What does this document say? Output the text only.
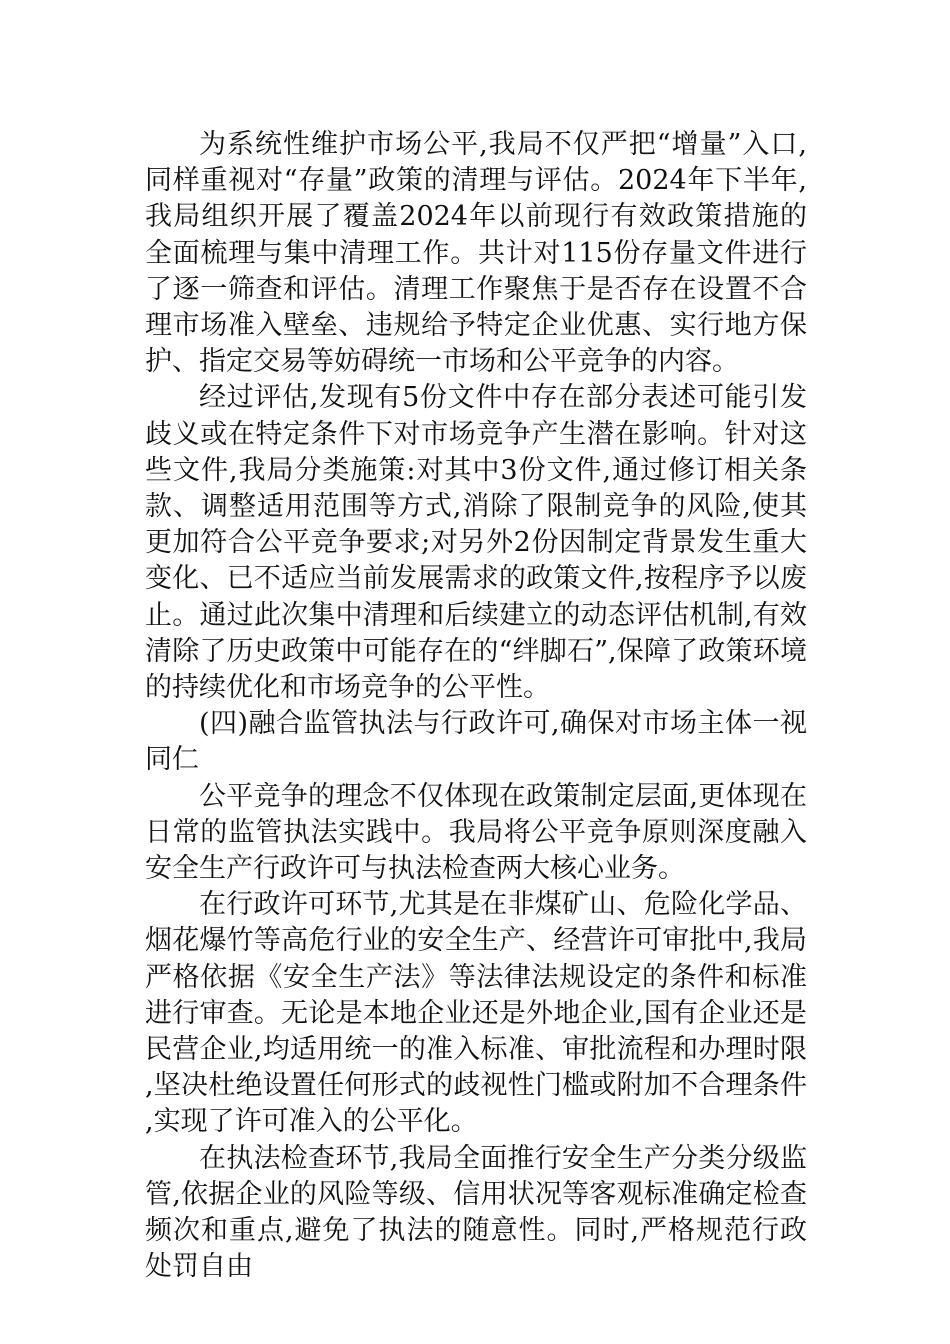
为系统性维护市场公平,我局不仅严把“增量”入口,同样重视对“存量”政策的清理与评估。2024年下半年,我局组织开展了覆盖2024年以前现行有效政策措施的全面梳理与集中清理工作。共计对115份存量文件进行了逐一筛查和评估。清理工作聚焦于是否存在设置不合理市场准入壁垒、违规给予特定企业优惠、实行地方保护、指定交易等妨碍统一市场和公平竞争的内容。

经过评估,发现有5份文件中存在部分表述可能引发歧义或在特定条件下对市场竞争产生潜在影响。针对这些文件,我局分类施策:对其中3份文件,通过修订相关条款、调整适用范围等方式,消除了限制竞争的风险,使其更加符合公平竞争要求;对另外2份因制定背景发生重大变化、已不适应当前发展需求的政策文件,按程序予以废止。通过此次集中清理和后续建立的动态评估机制,有效清除了历史政策中可能存在的“绊脚石”,保障了政策环境的持续优化和市场竞争的公平性。

(四)融合监管执法与行政许可,确保对市场主体一视同仁

公平竞争的理念不仅体现在政策制定层面,更体现在日常的监管执法实践中。我局将公平竞争原则深度融入安全生产行政许可与执法检查两大核心业务。

在行政许可环节,尤其是在非煤矿山、危险化学品、烟花爆竹等高危行业的安全生产、经营许可审批中,我局严格依据《安全生产法》等法律法规设定的条件和标准进行审查。无论是本地企业还是外地企业,国有企业还是民营企业,均适用统一的准入标准、审批流程和办理时限,坚决杜绝设置任何形式的歧视性门槛或附加不合理条件,实现了许可准入的公平化。

在执法检查环节,我局全面推行安全生产分类分级监管,依据企业的风险等级、信用状况等客观标准确定检查频次和重点,避免了执法的随意性。同时,严格规范行政处罚自由
